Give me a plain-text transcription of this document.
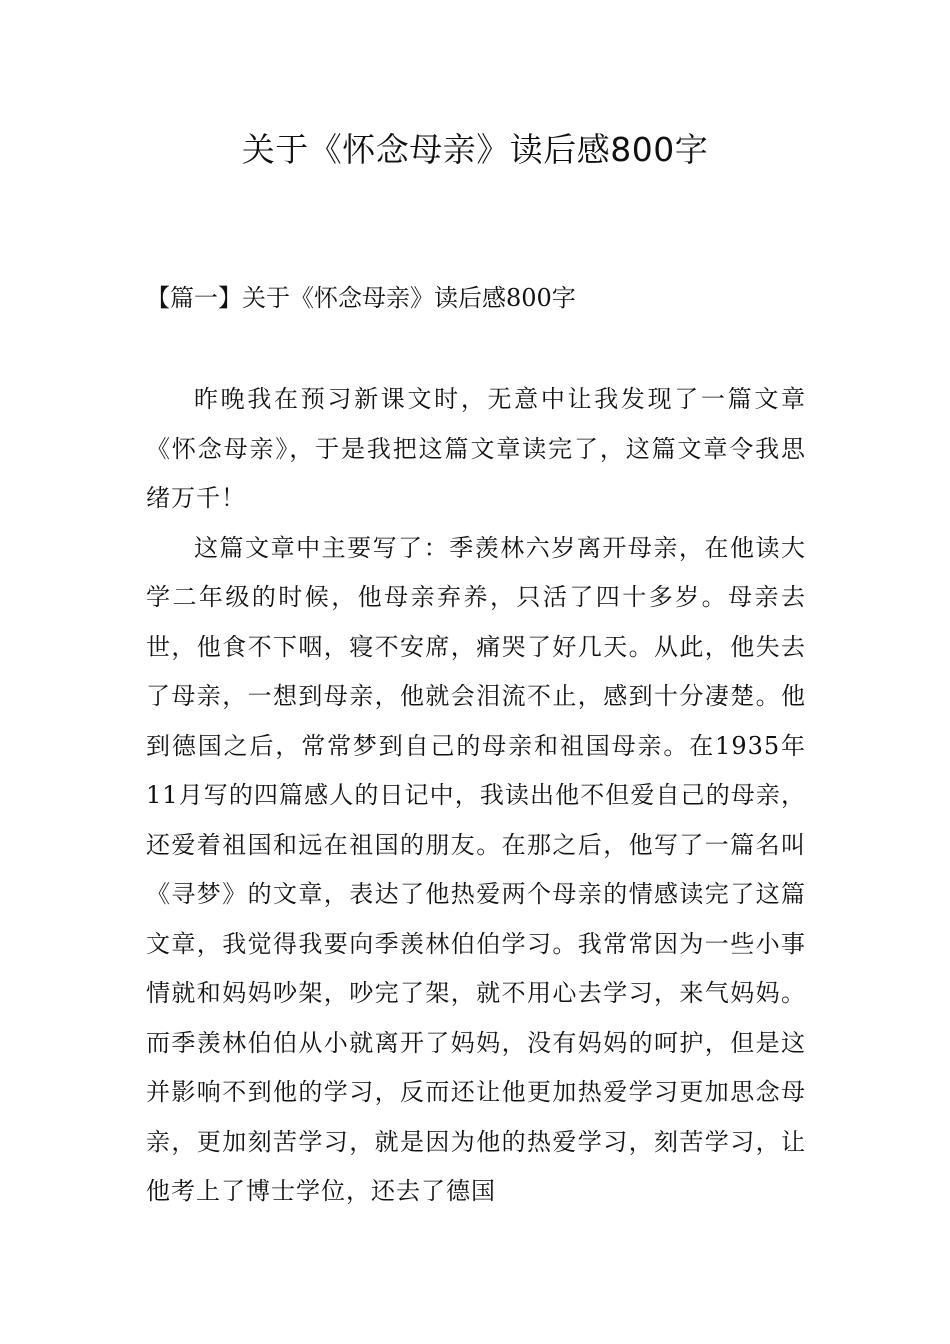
关于《怀念母亲》读后感800字
【篇一】关于《怀念母亲》读后感800字

昨晚我在预习新课文时，无意中让我发现了一篇文章《怀念母亲》，于是我把这篇文章读完了，这篇文章令我思绪万千！

这篇文章中主要写了：季羡林六岁离开母亲，在他读大学二年级的时候，他母亲弃养，只活了四十多岁。母亲去世，他食不下咽，寝不安席，痛哭了好几天。从此，他失去了母亲，一想到母亲，他就会泪流不止，感到十分凄楚。他到德国之后，常常梦到自己的母亲和祖国母亲。在1935年11月写的四篇感人的日记中，我读出他不但爱自己的母亲，还爱着祖国和远在祖国的朋友。在那之后，他写了一篇名叫《寻梦》的文章，表达了他热爱两个母亲的情感读完了这篇文章，我觉得我要向季羡林伯伯学习。我常常因为一些小事情就和妈妈吵架，吵完了架，就不用心去学习，来气妈妈。而季羡林伯伯从小就离开了妈妈，没有妈妈的呵护，但是这并影响不到他的学习，反而还让他更加热爱学习更加思念母亲，更加刻苦学习，就是因为他的热爱学习，刻苦学习，让他考上了博士学位，还去了德国
